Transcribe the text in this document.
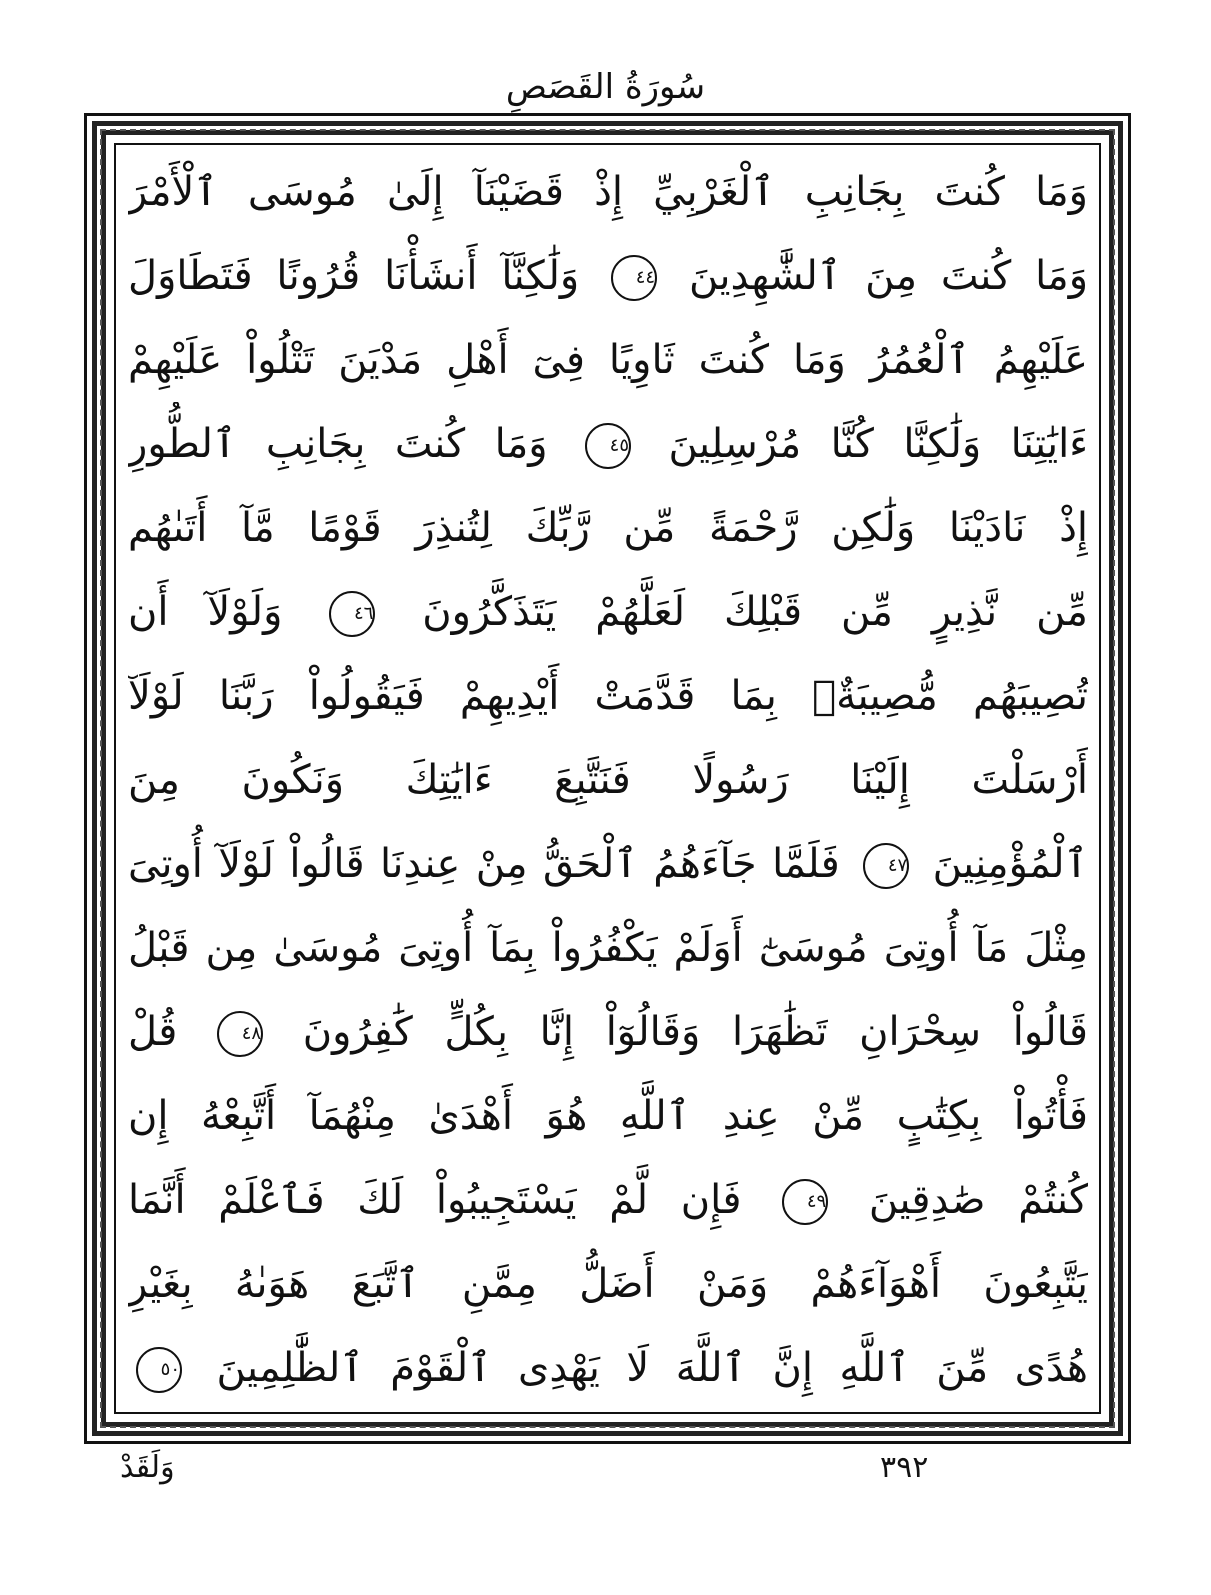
سُورَةُ القَصَصِ
وَمَا كُنتَ بِجَانِبِ ٱلْغَرْبِيِّ إِذْ قَضَيْنَآ إِلَىٰ مُوسَى ٱلْأَمْرَ
وَمَا كُنتَ مِنَ ٱلشَّٰهِدِينَ ٤٤ وَلَٰكِنَّآ أَنشَأْنَا قُرُونًا فَتَطَاوَلَ
عَلَيْهِمُ ٱلْعُمُرُ وَمَا كُنتَ ثَاوِيًا فِىٓ أَهْلِ مَدْيَنَ تَتْلُواْ عَلَيْهِمْ
ءَايَٰتِنَا وَلَٰكِنَّا كُنَّا مُرْسِلِينَ ٤٥ وَمَا كُنتَ بِجَانِبِ ٱلطُّورِ
إِذْ نَادَيْنَا وَلَٰكِن رَّحْمَةً مِّن رَّبِّكَ لِتُنذِرَ قَوْمًا مَّآ أَتَىٰهُم
مِّن نَّذِيرٍ مِّن قَبْلِكَ لَعَلَّهُمْ يَتَذَكَّرُونَ ٤٦ وَلَوْلَآ أَن
تُصِيبَهُم مُّصِيبَةٌۢ بِمَا قَدَّمَتْ أَيْدِيهِمْ فَيَقُولُواْ رَبَّنَا لَوْلَآ
أَرْسَلْتَ إِلَيْنَا رَسُولًا فَنَتَّبِعَ ءَايَٰتِكَ وَنَكُونَ مِنَ
ٱلْمُؤْمِنِينَ ٤٧ فَلَمَّا جَآءَهُمُ ٱلْحَقُّ مِنْ عِندِنَا قَالُواْ لَوْلَآ أُوتِىَ
مِثْلَ مَآ أُوتِىَ مُوسَىٰٓ أَوَلَمْ يَكْفُرُواْ بِمَآ أُوتِىَ مُوسَىٰ مِن قَبْلُ
قَالُواْ سِحْرَانِ تَظَٰهَرَا وَقَالُوٓاْ إِنَّا بِكُلٍّ كَٰفِرُونَ ٤٨ قُلْ
فَأْتُواْ بِكِتَٰبٍ مِّنْ عِندِ ٱللَّهِ هُوَ أَهْدَىٰ مِنْهُمَآ أَتَّبِعْهُ إِن
كُنتُمْ صَٰدِقِينَ ٤٩ فَإِن لَّمْ يَسْتَجِيبُواْ لَكَ فَٱعْلَمْ أَنَّمَا
يَتَّبِعُونَ أَهْوَآءَهُمْ وَمَنْ أَضَلُّ مِمَّنِ ٱتَّبَعَ هَوَىٰهُ بِغَيْرِ
هُدًى مِّنَ ٱللَّهِ إِنَّ ٱللَّهَ لَا يَهْدِى ٱلْقَوْمَ ٱلظَّٰلِمِينَ ٥٠
وَلَقَدْ	٣٩٢
